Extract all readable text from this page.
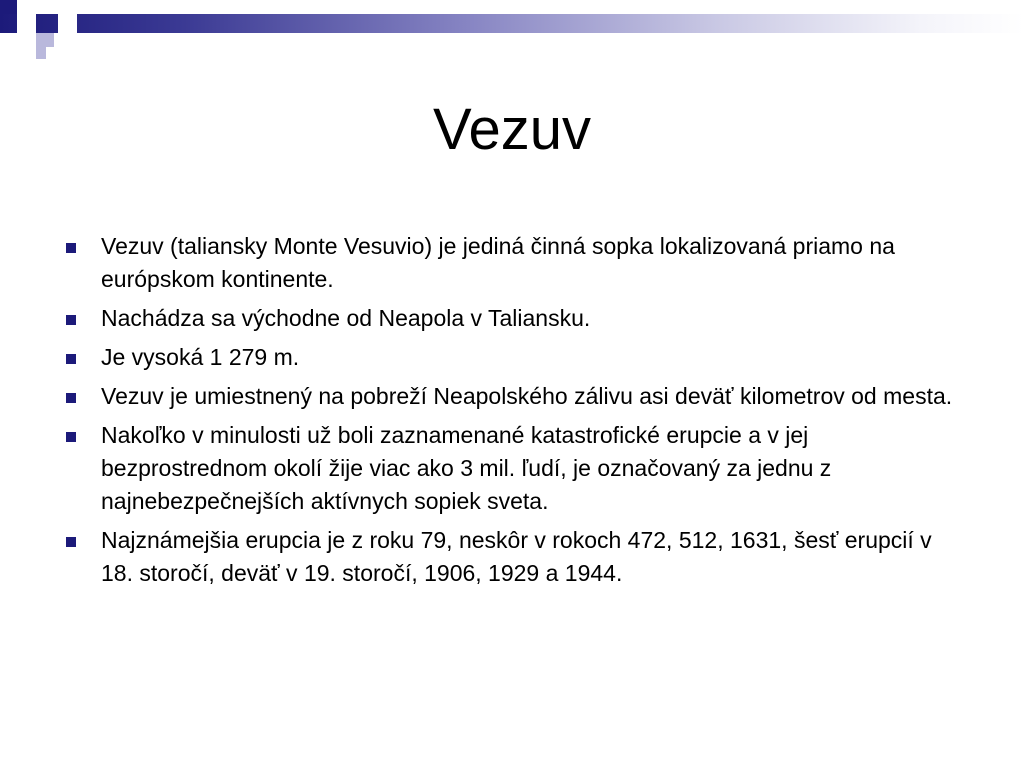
Vezuv
Vezuv (taliansky Monte Vesuvio) je jediná činná sopka lokalizovaná priamo na európskom kontinente.
Nachádza sa východne od Neapola v Taliansku.
Je vysoká 1 279 m.
Vezuv je umiestnený na pobreží Neapolského zálivu asi deväť kilometrov od mesta.
Nakoľko v minulosti už boli zaznamenané katastrofické erupcie a v jej bezprostrednom okolí žije viac ako 3 mil. ľudí, je označovaný za jednu z najnebezpečnejších aktívnych sopiek sveta.
Najznámejšia erupcia je z roku 79, neskôr v rokoch 472, 512, 1631, šesť erupcií v 18. storočí, deväť v 19. storočí, 1906, 1929 a 1944.
